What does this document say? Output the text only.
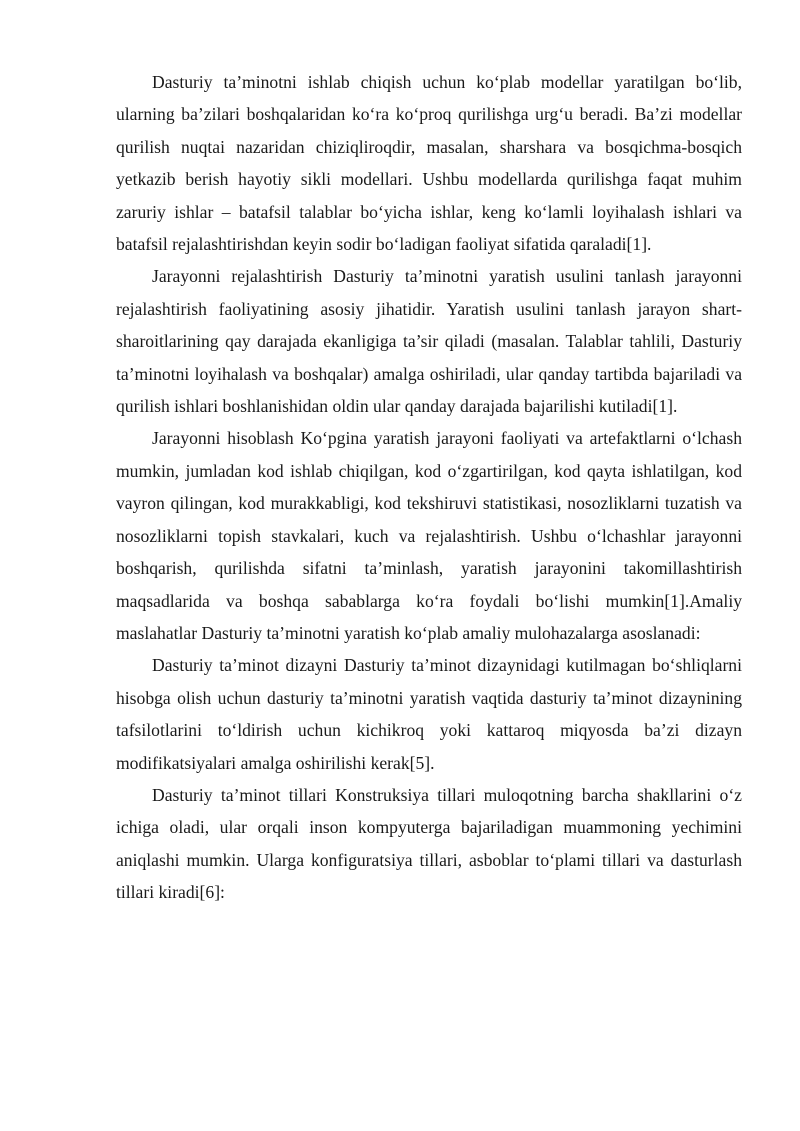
Dasturiy ta’minotni ishlab chiqish uchun ko‘plab modellar yaratilgan bo‘lib, ularning ba’zilari boshqalaridan ko‘ra ko‘proq qurilishga urg‘u beradi. Ba’zi modellar qurilish nuqtai nazaridan chiziqliroqdir, masalan, sharshara va bosqichma-bosqich yetkazib berish hayotiy sikli modellari. Ushbu modellarda qurilishga faqat muhim zaruriy ishlar – batafsil talablar bo‘yicha ishlar, keng ko‘lamli loyihalash ishlari va batafsil rejalashtirishdan keyin sodir bo‘ladigan faoliyat sifatida qaraladi[1].

Jarayonni rejalashtirish Dasturiy ta’minotni yaratish usulini tanlash jarayonni rejalashtirish faoliyatining asosiy jihatidir. Yaratish usulini tanlash jarayon shart-sharoitlarining qay darajada ekanligiga ta’sir qiladi (masalan. Talablar tahlili, Dasturiy ta’minotni loyihalash va boshqalar) amalga oshiriladi, ular qanday tartibda bajariladi va qurilish ishlari boshlanishidan oldin ular qanday darajada bajarilishi kutiladi[1].

Jarayonni hisoblash Ko‘pgina yaratish jarayoni faoliyati va artefaktlarni o‘lchash mumkin, jumladan kod ishlab chiqilgan, kod o‘zgartirilgan, kod qayta ishlatilgan, kod vayron qilingan, kod murakkabligi, kod tekshiruvi statistikasi, nosozliklarni tuzatish va nosozliklarni topish stavkalari, kuch va rejalashtirish. Ushbu o‘lchashlar jarayonni boshqarish, qurilishda sifatni ta’minlash, yaratish jarayonini takomillashtirish maqsadlarida va boshqa sabablarga ko‘ra foydali bo‘lishi mumkin[1].Amaliy maslahatlar Dasturiy ta’minotni yaratish ko‘plab amaliy mulohazalarga asoslanadi:

Dasturiy ta’minot dizayni Dasturiy ta’minot dizaynidagi kutilmagan bo‘shliqlarni hisobga olish uchun dasturiy ta’minotni yaratish vaqtida dasturiy ta’minot dizaynining tafsilotlarini to‘ldirish uchun kichikroq yoki kattaroq miqyosda ba’zi dizayn modifikatsiyalari amalga oshirilishi kerak[5].

Dasturiy ta’minot tillari Konstruksiya tillari muloqotning barcha shakllarini o‘z ichiga oladi, ular orqali inson kompyuterga bajariladigan muammoning yechimini aniqlashi mumkin. Ularga konfiguratsiya tillari, asboblar to‘plami tillari va dasturlash tillari kiradi[6]:
